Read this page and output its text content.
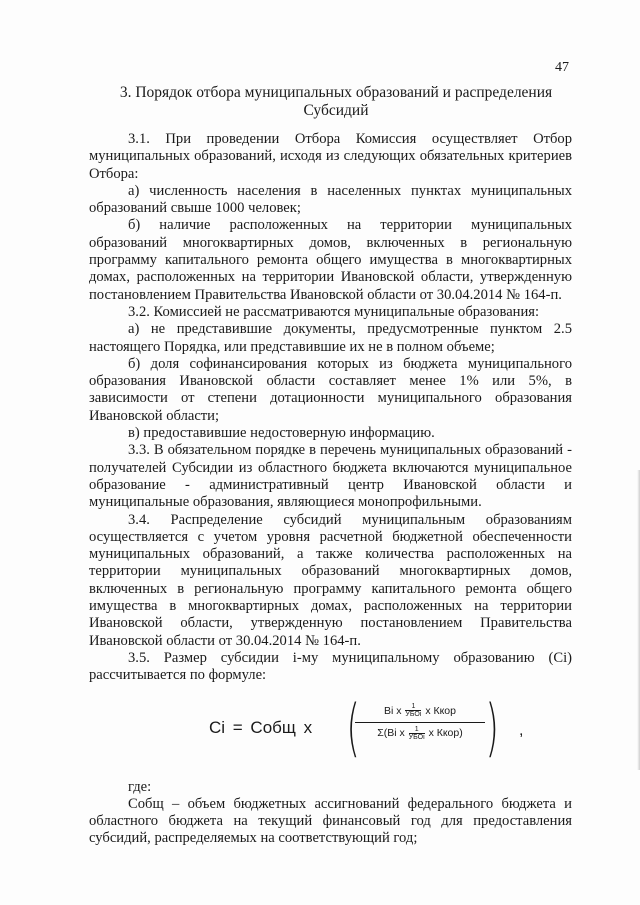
47
3. Порядок отбора муниципальных образований и распределения
Субсидий

3.1. При проведении Отбора Комиссия осуществляет Отбор муниципальных образований, исходя из следующих обязательных критериев Отбора:

а) численность населения в населенных пунктах муниципальных образований свыше 1000 человек;

б) наличие расположенных на территории муниципальных образований многоквартирных домов, включенных в региональную программу капитального ремонта общего имущества в многоквартирных домах, расположенных на территории Ивановской области, утвержденную постановлением Правительства Ивановской области от 30.04.2014 № 164-п.

3.2. Комиссией не рассматриваются муниципальные образования:

а) не представившие документы, предусмотренные пунктом 2.5 настоящего Порядка, или представившие их не в полном объеме;

б) доля софинансирования которых из бюджета муниципального образования Ивановской области составляет менее 1% или 5%, в зависимости от степени дотационности муниципального образования Ивановской области;

в) предоставившие недостоверную информацию.

3.3. В обязательном порядке в перечень муниципальных образований - получателей Субсидии из областного бюджета включаются муниципальное образование - административный центр Ивановской области и муниципальные образования, являющиеся монопрофильными.

3.4. Распределение субсидий муниципальным образованиям осуществляется с учетом уровня расчетной бюджетной обеспеченности муниципальных образований, а также количества расположенных на территории муниципальных образований многоквартирных домов, включенных в региональную программу капитального ремонта общего имущества в многоквартирных домах, расположенных на территории Ивановской области, утвержденную постановлением Правительства Ивановской области от 30.04.2014 № 164-п.

3.5. Размер субсидии i-му муниципальному образованию (Ci) рассчитывается по формуле:

Ci = Собщ x (	Bi x	1
УБОi x Ккор
Σ(Bi x	1
УБОi x Ккор) ) ,

где:

Собщ – объем бюджетных ассигнований федерального бюджета и областного бюджета на текущий финансовый год для предоставления субсидий, распределяемых на соответствующий год;
